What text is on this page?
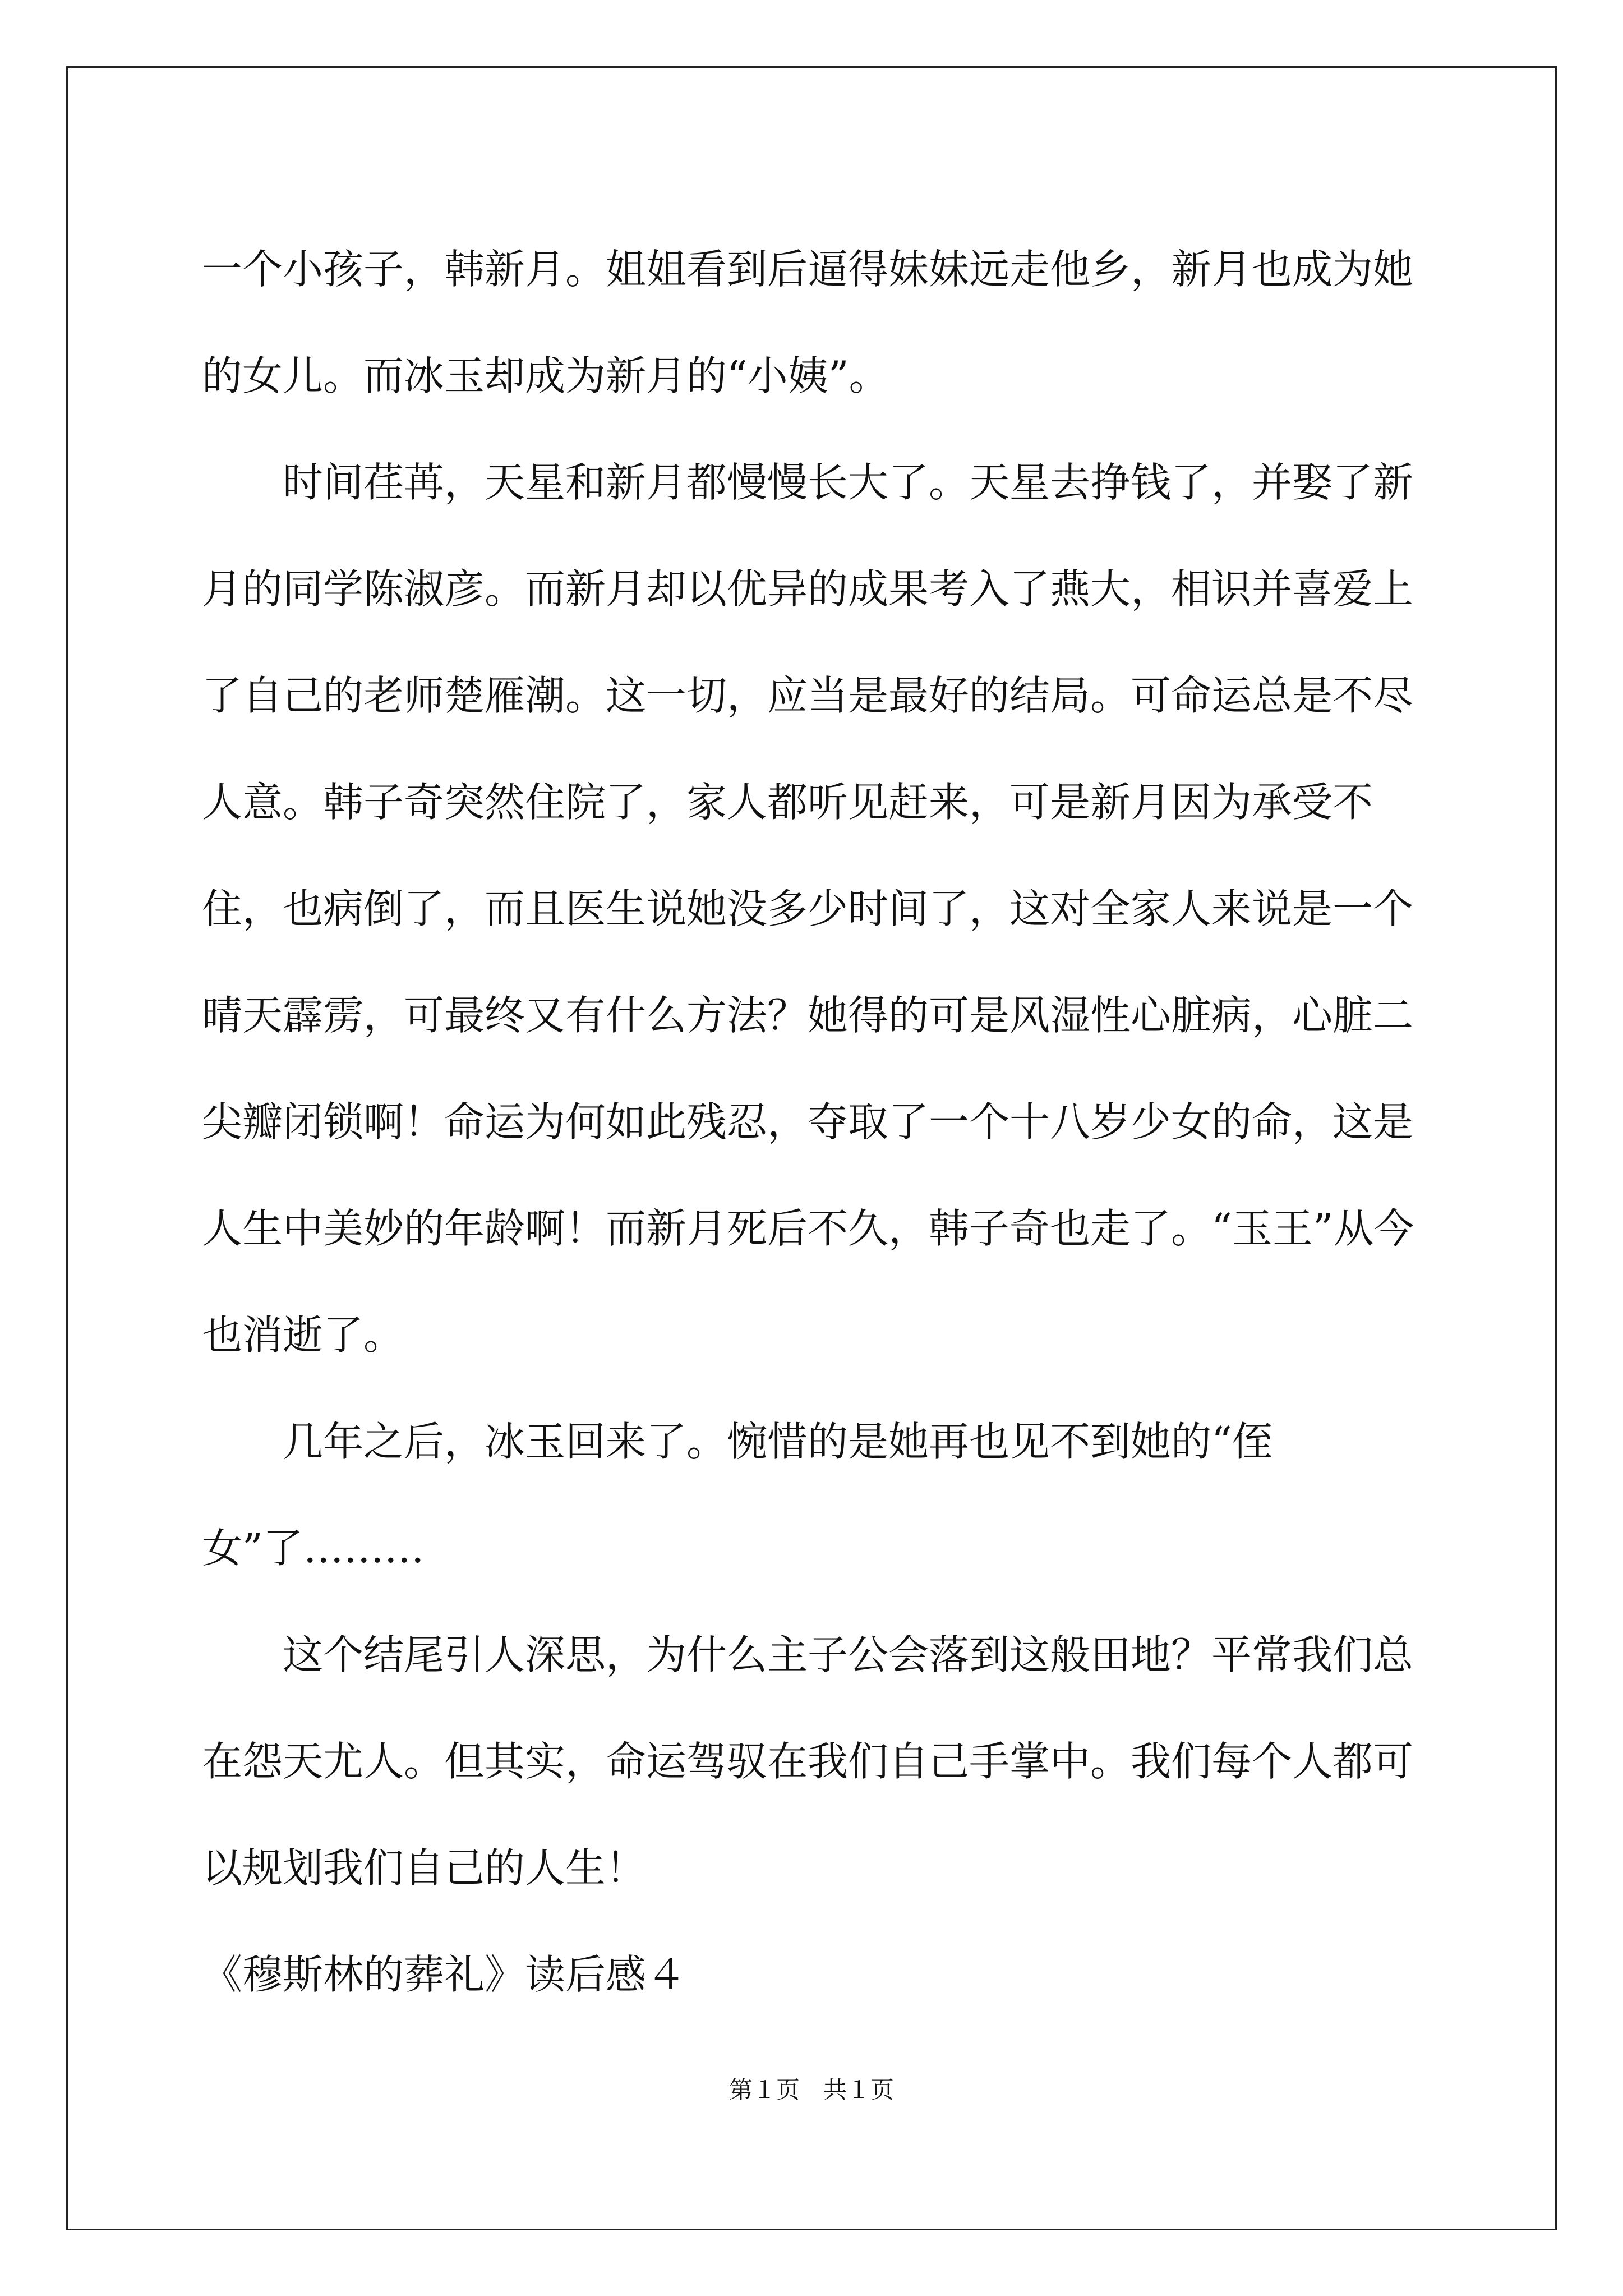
一个小孩子，韩新月。姐姐看到后逼得妹妹远走他乡，新月也成为她的女儿。而冰玉却成为新月的“小姨”。

时间荏苒，天星和新月都慢慢长大了。天星去挣钱了，并娶了新月的同学陈淑彦。而新月却以优异的成果考入了燕大，相识并喜爱上了自己的老师楚雁潮。这一切，应当是最好的结局。可命运总是不尽人意。韩子奇突然住院了，家人都听见赶来，可是新月因为承受不住，也病倒了，而且医生说她没多少时间了，这对全家人来说是一个晴天霹雳，可最终又有什么方法？她得的可是风湿性心脏病，心脏二尖瓣闭锁啊！命运为何如此残忍，夺取了一个十八岁少女的命，这是人生中美妙的年龄啊！而新月死后不久，韩子奇也走了。“玉王”从今也消逝了。

几年之后，冰玉回来了。惋惜的是她再也见不到她的“侄女”了………

这个结尾引人深思，为什么主子公会落到这般田地？平常我们总在怨天尤人。但其实，命运驾驭在我们自己手掌中。我们每个人都可以规划我们自己的人生！

《穆斯林的葬礼》读后感４

第１页　共１页
